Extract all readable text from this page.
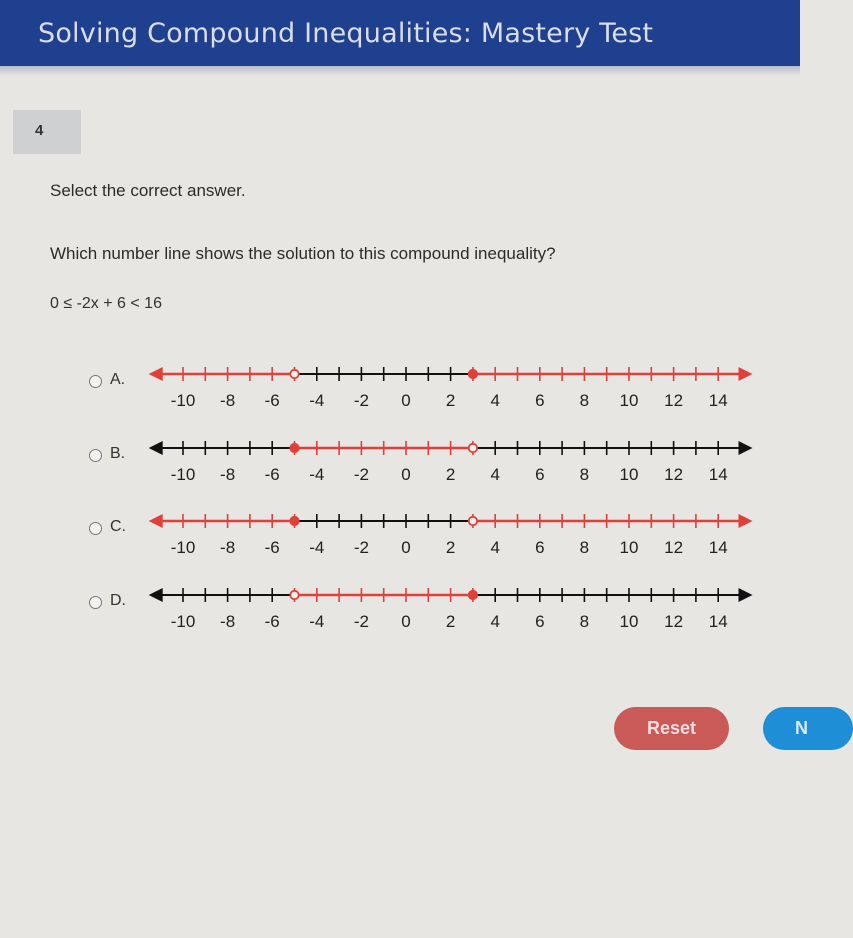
Solving Compound Inequalities: Mastery Test
4
Select the correct answer.
Which number line shows the solution to this compound inequality?
0 ≤ -2x + 6 < 16
A.
-10 -8 -6 -4 -2 0 2 4 6 8 10 12 14
B.
-10 -8 -6 -4 -2 0 2 4 6 8 10 12 14
C.
-10 -8 -6 -4 -2 0 2 4 6 8 10 12 14
D.
-10 -8 -6 -4 -2 0 2 4 6 8 10 12 14
Reset	N
